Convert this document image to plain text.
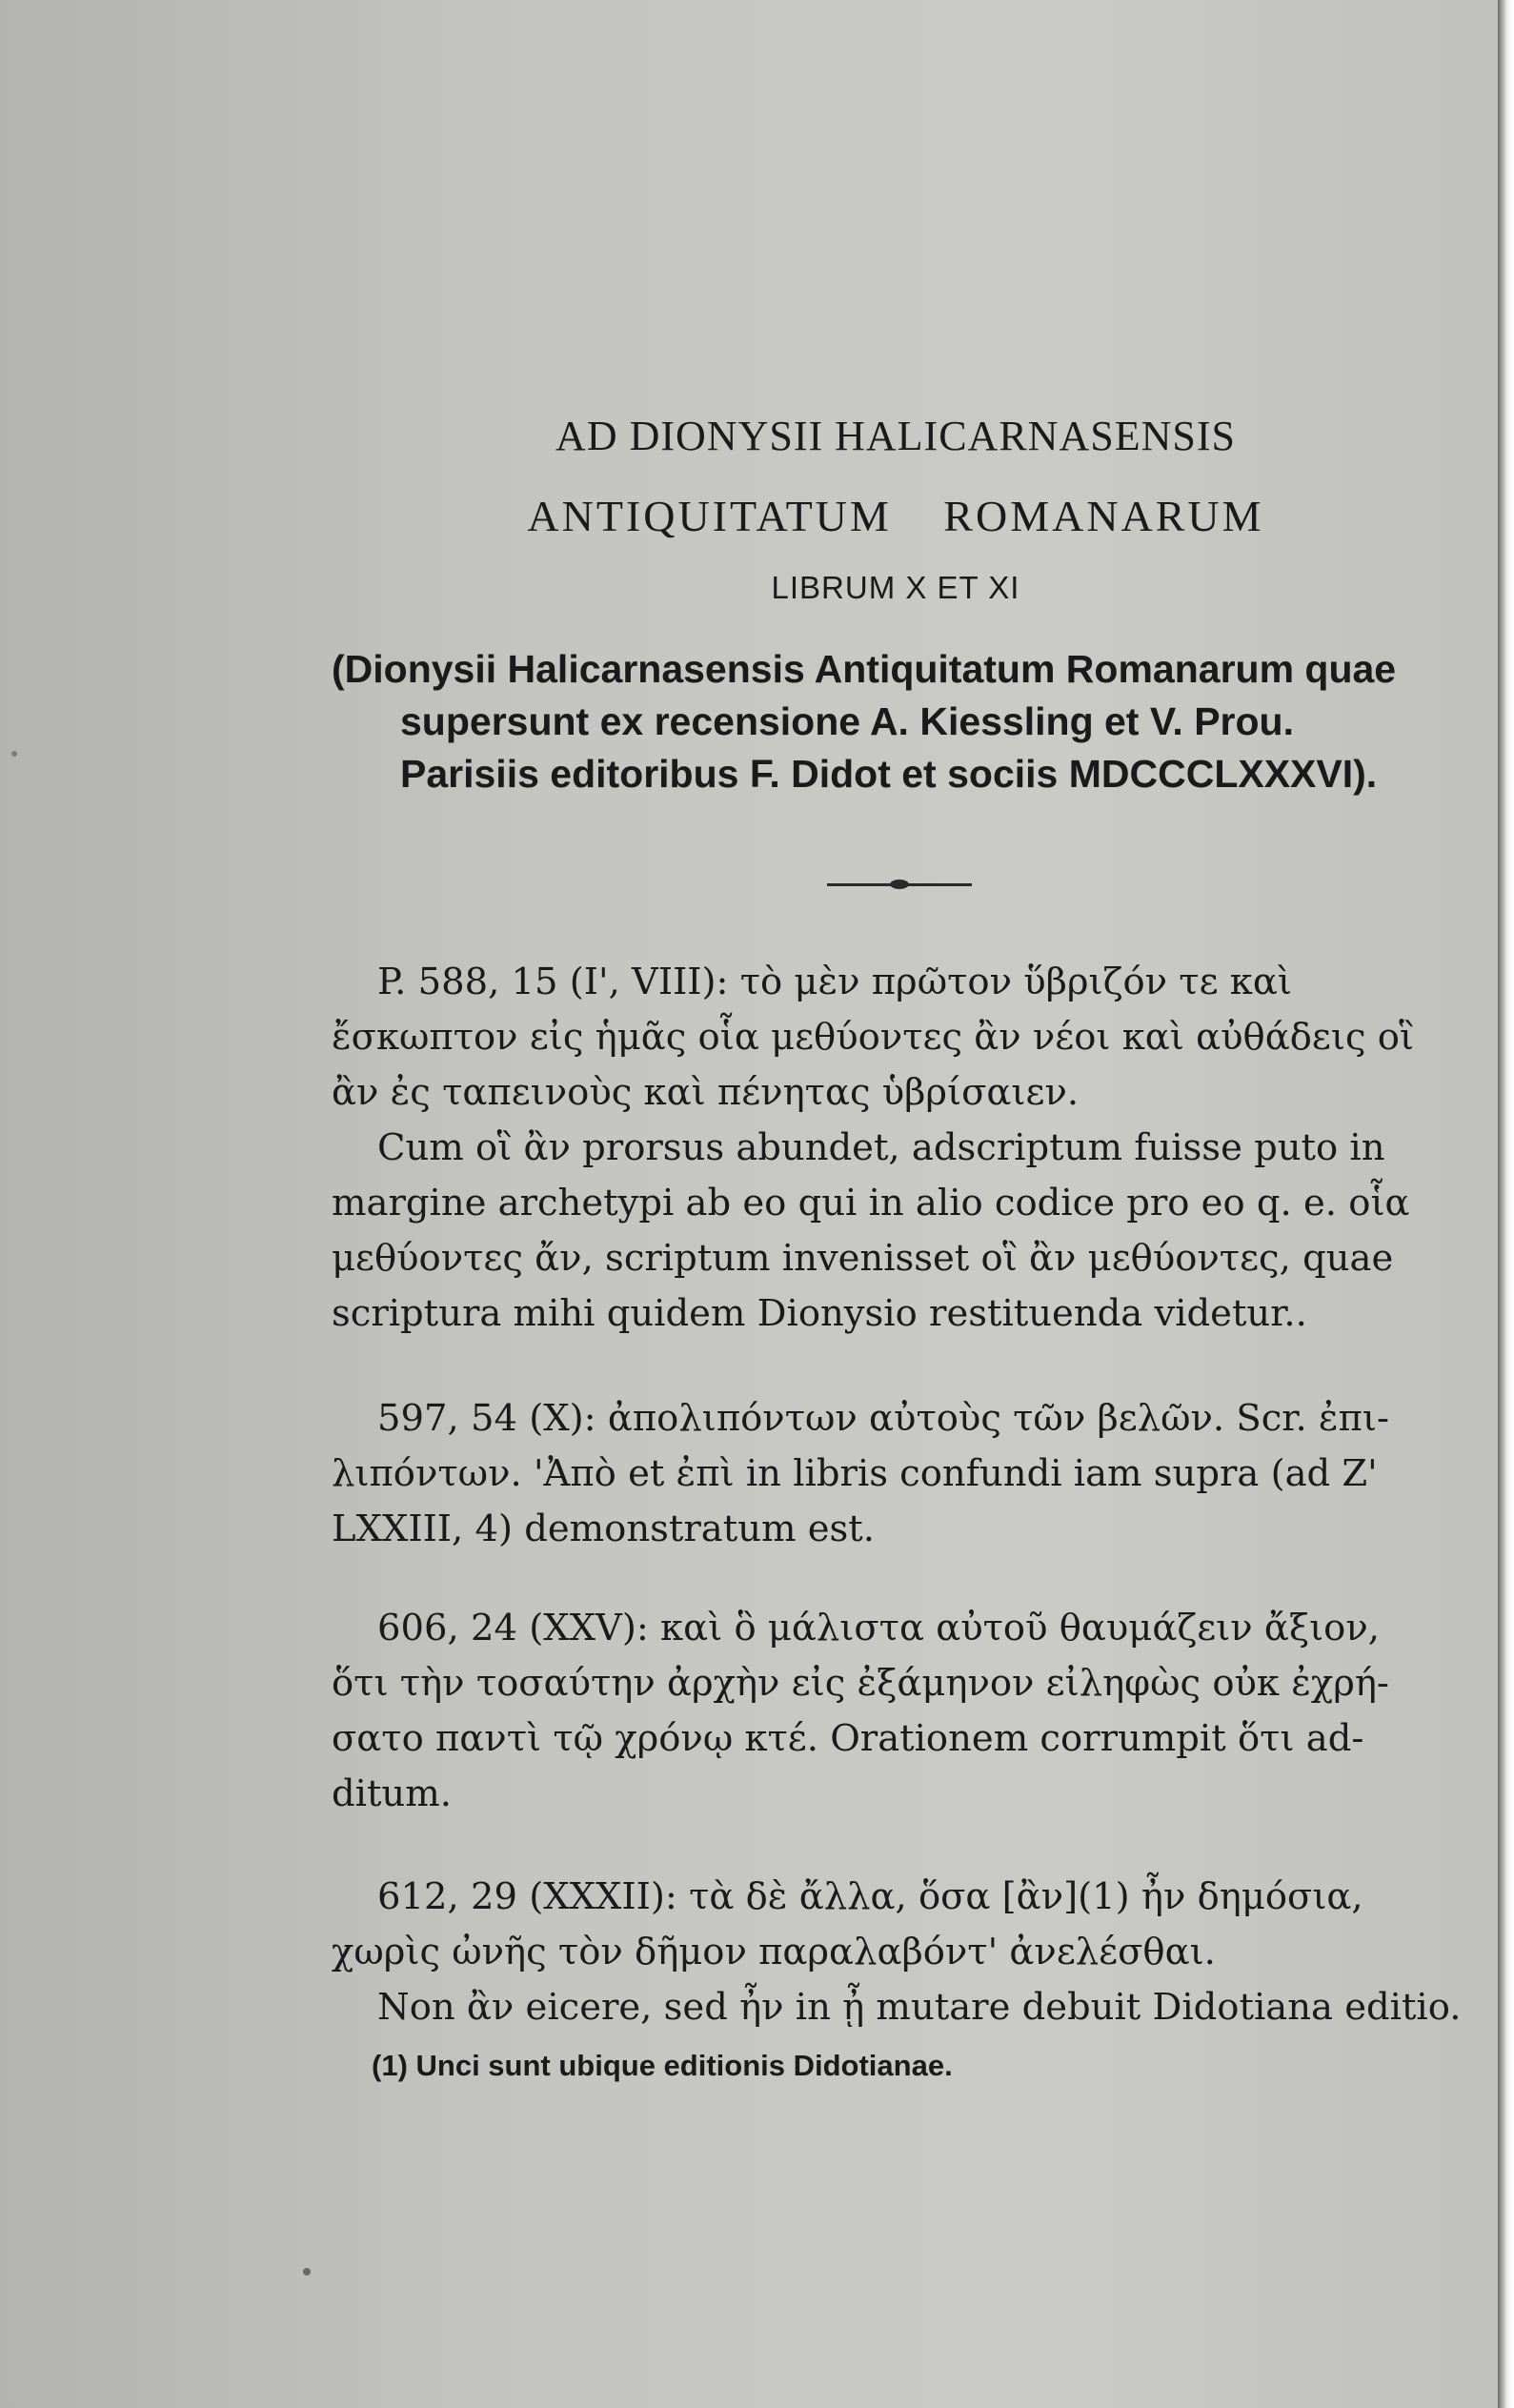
AD DIONYSII HALICARNASENSIS
ANTIQUITATUM ROMANARUM
LIBRUM X ET XI

(Dionysii Halicarnasensis Antiquitatum Romanarum quae

supersunt ex recensione A. Kiessling et V. Prou.

Parisiis editoribus F. Didot et sociis MDCCCLXXXVI).

P. 588, 15 (Ι', VIII): τὸ μὲν πρῶτον ὕβριζόν τε καὶ

ἔσκωπτον εἰς ἡμᾶς οἷα μεθύοντες ἂν νέοι καὶ αὐθάδεις οἳ

ἂν ἐς ταπεινοὺς καὶ πένητας ὑβρίσαιεν.

Cum οἳ ἂν prorsus abundet, adscriptum fuisse puto in

margine archetypi ab eo qui in alio codice pro eo q. e. οἷα

μεθύοντες ἄν, scriptum invenisset οἳ ἂν μεθύοντες, quae

scriptura mihi quidem Dionysio restituenda videtur..

597, 54 (X): ἀπολιπόντων αὐτοὺς τῶν βελῶν. Scr. ἐπι-

λιπόντων. 'Ἀπὸ et ἐπὶ in libris confundi iam supra (ad Ζ'

LXXIII, 4) demonstratum est.

606, 24 (XXV): καὶ ὃ μάλιστα αὐτοῦ θαυμάζειν ἄξιον,

ὅτι τὴν τοσαύτην ἀρχὴν εἰς ἐξάμηνον εἰληφὼς οὐκ ἐχρή-

σατο παντὶ τῷ χρόνῳ κτέ. Orationem corrumpit ὅτι ad-

ditum.

612, 29 (XXXII): τὰ δὲ ἄλλα, ὅσα [ἂν](1) ἦν δημόσια,

χωρὶς ὠνῆς τὸν δῆμον παραλαβόντ' ἀνελέσθαι.

Non ἂν eicere, sed ἦν in ᾖ mutare debuit Didotiana editio.

(1) Unci sunt ubique editionis Didotianae.
